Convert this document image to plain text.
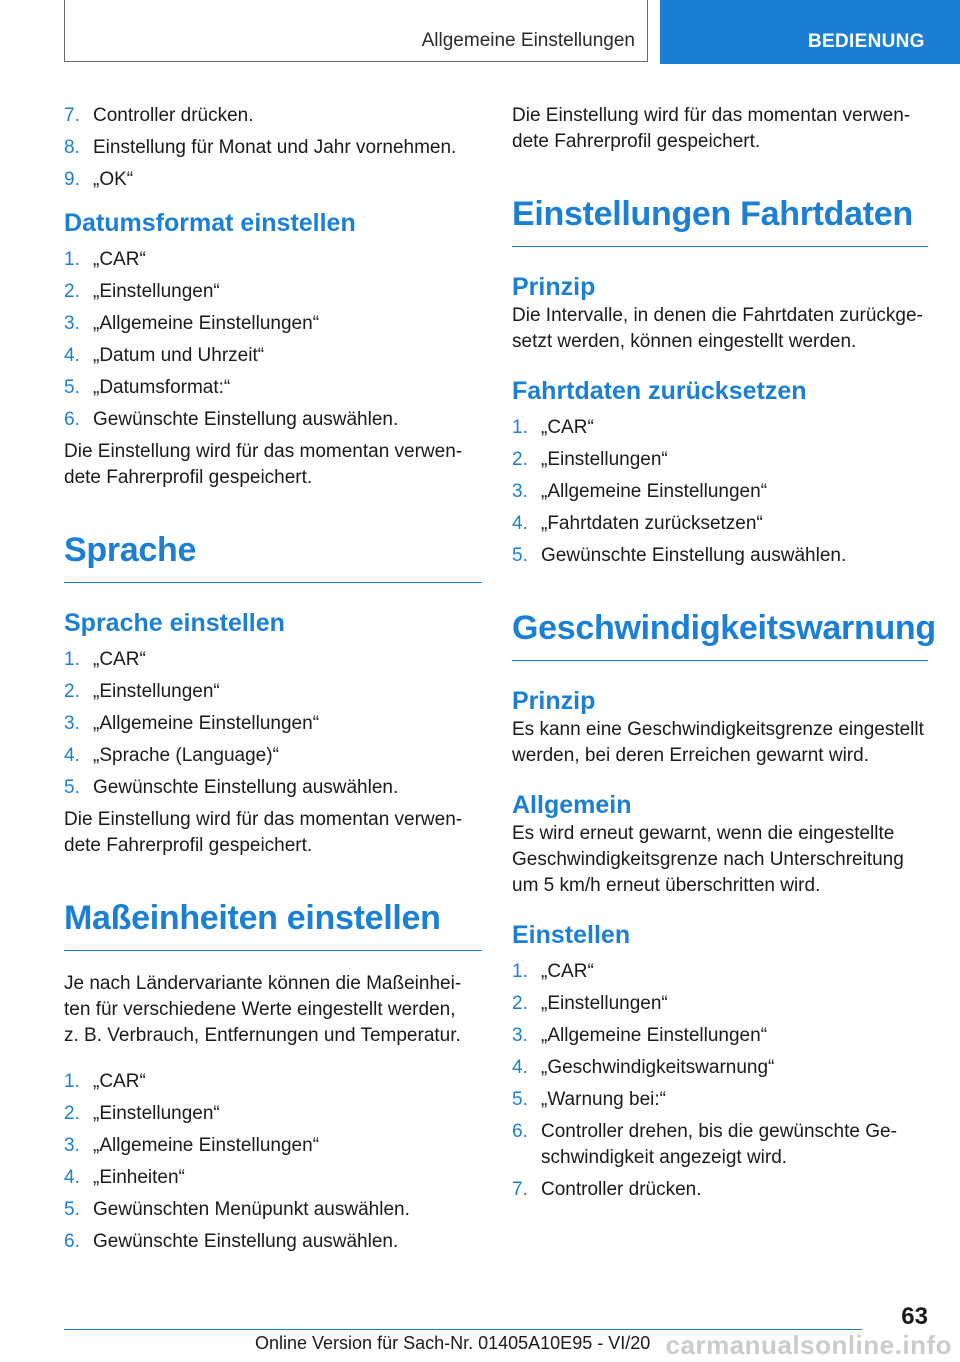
Allgemeine Einstellungen	BEDIENUNG
7. Controller drücken.
8. Einstellung für Monat und Jahr vornehmen.
9. „OK“
Datumsformat einstellen
1. „CAR“
2. „Einstellungen“
3. „Allgemeine Einstellungen“
4. „Datum und Uhrzeit“
5. „Datumsformat:“
6. Gewünschte Einstellung auswählen.

Die Einstellung wird für das momentan verwen-
dete Fahrerprofil gespeichert.

Sprache
Sprache einstellen
1. „CAR“
2. „Einstellungen“
3. „Allgemeine Einstellungen“
4. „Sprache (Language)“
5. Gewünschte Einstellung auswählen.

Die Einstellung wird für das momentan verwen-
dete Fahrerprofil gespeichert.

Maßeinheiten einstellen

Je nach Ländervariante können die Maßeinhei-
ten für verschiedene Werte eingestellt werden,
z. B. Verbrauch, Entfernungen und Temperatur.

1. „CAR“
2. „Einstellungen“
3. „Allgemeine Einstellungen“
4. „Einheiten“
5. Gewünschten Menüpunkt auswählen.
6. Gewünschte Einstellung auswählen.

Die Einstellung wird für das momentan verwen-
dete Fahrerprofil gespeichert.

Einstellungen Fahrtdaten
Prinzip

Die Intervalle, in denen die Fahrtdaten zurückge-
setzt werden, können eingestellt werden.

Fahrtdaten zurücksetzen
1. „CAR“
2. „Einstellungen“
3. „Allgemeine Einstellungen“
4. „Fahrtdaten zurücksetzen“
5. Gewünschte Einstellung auswählen.
Geschwindigkeitswarnung
Prinzip

Es kann eine Geschwindigkeitsgrenze eingestellt
werden, bei deren Erreichen gewarnt wird.

Allgemein

Es wird erneut gewarnt, wenn die eingestellte
Geschwindigkeitsgrenze nach Unterschreitung
um 5 km/h erneut überschritten wird.

Einstellen
1. „CAR“
2. „Einstellungen“
3. „Allgemeine Einstellungen“
4. „Geschwindigkeitswarnung“
5. „Warnung bei:“
6. Controller drehen, bis die gewünschte Ge-
schwindigkeit angezeigt wird.
7. Controller drücken.
63
Online Version für Sach-Nr. 01405A10E95 - VI/20 carmanualsonline.info
